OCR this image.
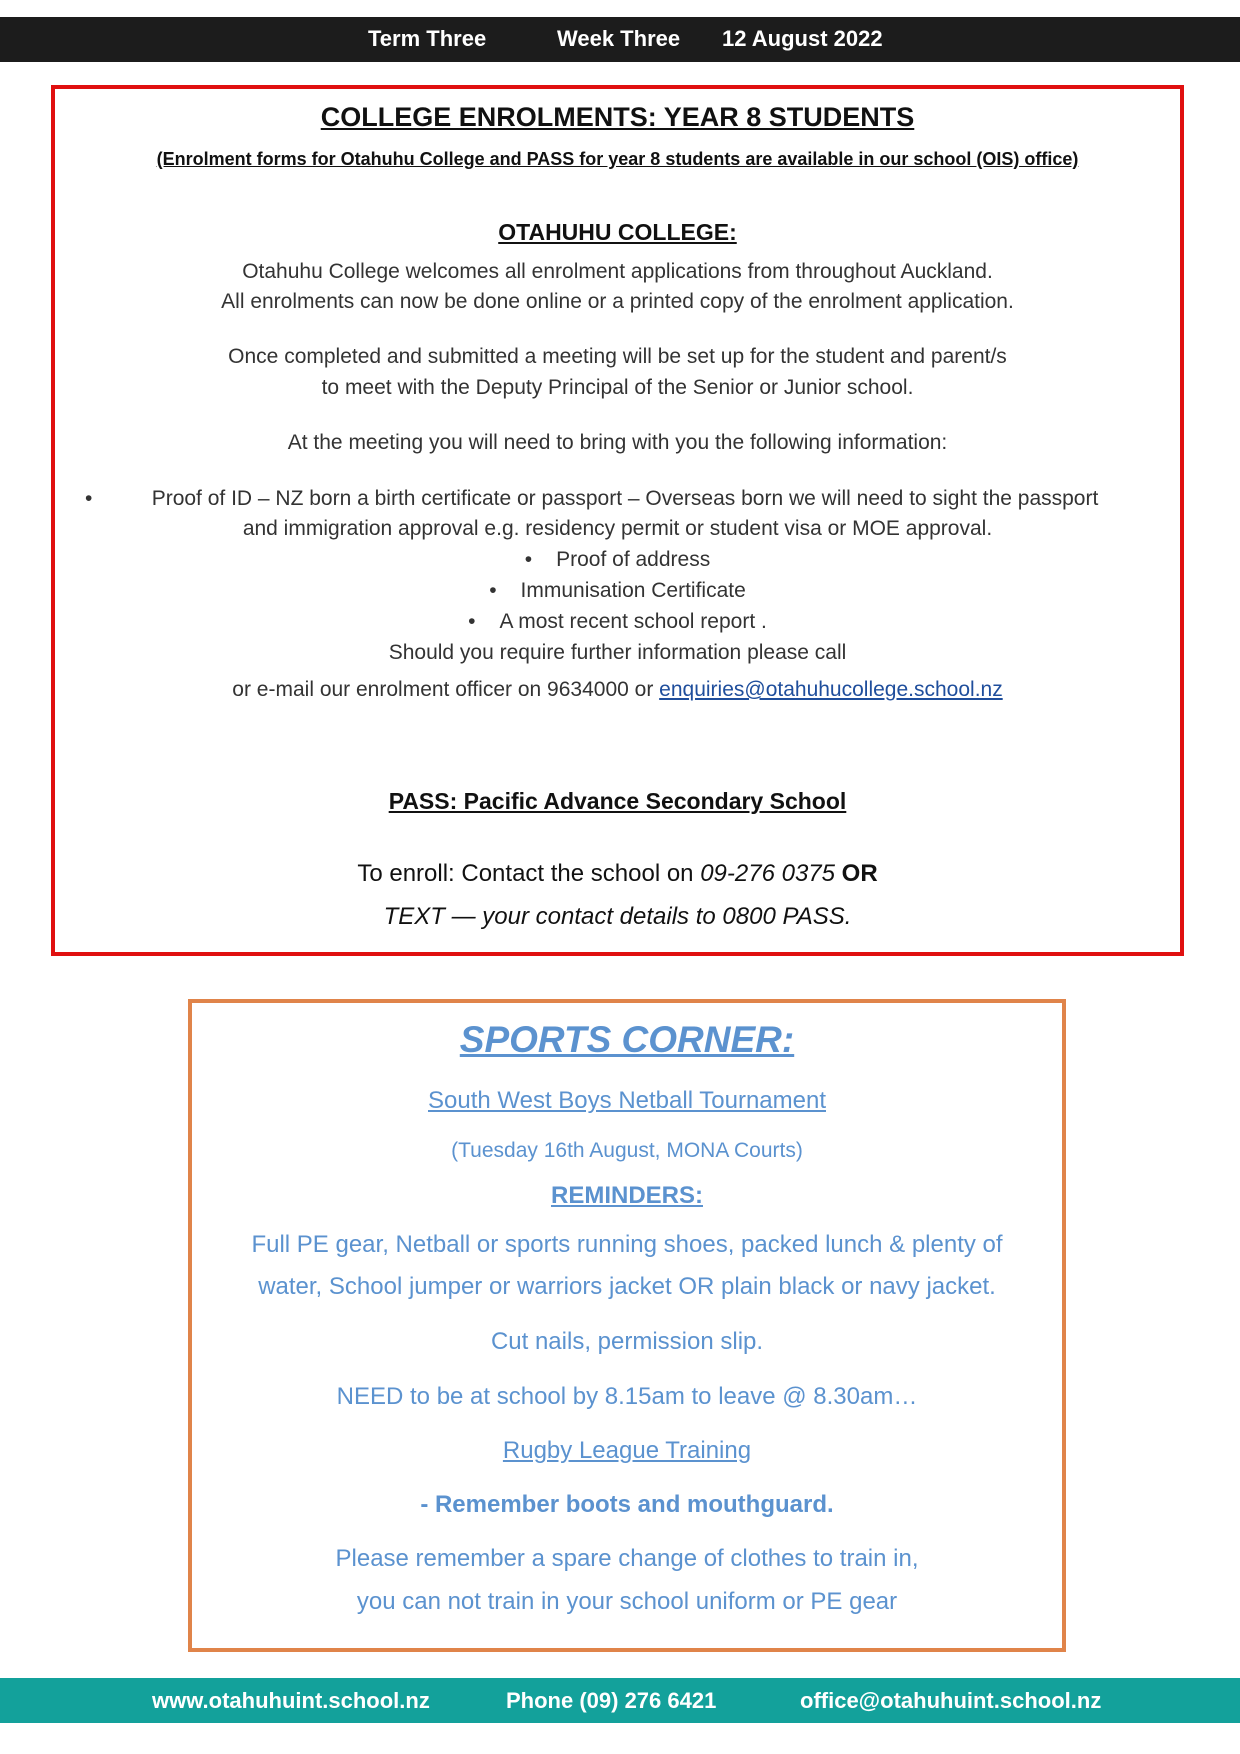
Term Three	Week Three 12 August 2022
COLLEGE ENROLMENTS: YEAR 8 STUDENTS
(Enrolment forms for Otahuhu College and PASS for year 8 students are available in our school (OIS) office)
OTAHUHU COLLEGE:
Otahuhu College welcomes all enrolment applications from throughout Auckland.
All enrolments can now be done online or a printed copy of the enrolment application.
Once completed and submitted a meeting will be set up for the student and parent/s
to meet with the Deputy Principal of the Senior or Junior school.
At the meeting you will need to bring with you the following information:
•	Proof of ID – NZ born a birth certificate or passport – Overseas born we will need to sight the passport
and immigration approval e.g. residency permit or student visa or MOE approval.
• Proof of address
• Immunisation Certificate
• A most recent school report .
Should you require further information please call
or e-mail our enrolment officer on 9634000 or enquiries@otahuhucollege.school.nz
PASS: Pacific Advance Secondary School
To enroll: Contact the school on 09-276 0375 OR
TEXT — your contact details to 0800 PASS.
SPORTS CORNER:
South West Boys Netball Tournament
(Tuesday 16th August, MONA Courts)
REMINDERS:
Full PE gear, Netball or sports running shoes, packed lunch & plenty of
water, School jumper or warriors jacket OR plain black or navy jacket.
Cut nails, permission slip.
NEED to be at school by 8.15am to leave @ 8.30am…
Rugby League Training
- Remember boots and mouthguard.
Please remember a spare change of clothes to train in,
you can not train in your school uniform or PE gear
www.otahuhuint.school.nz	Phone (09) 276 6421	office@otahuhuint.school.nz
